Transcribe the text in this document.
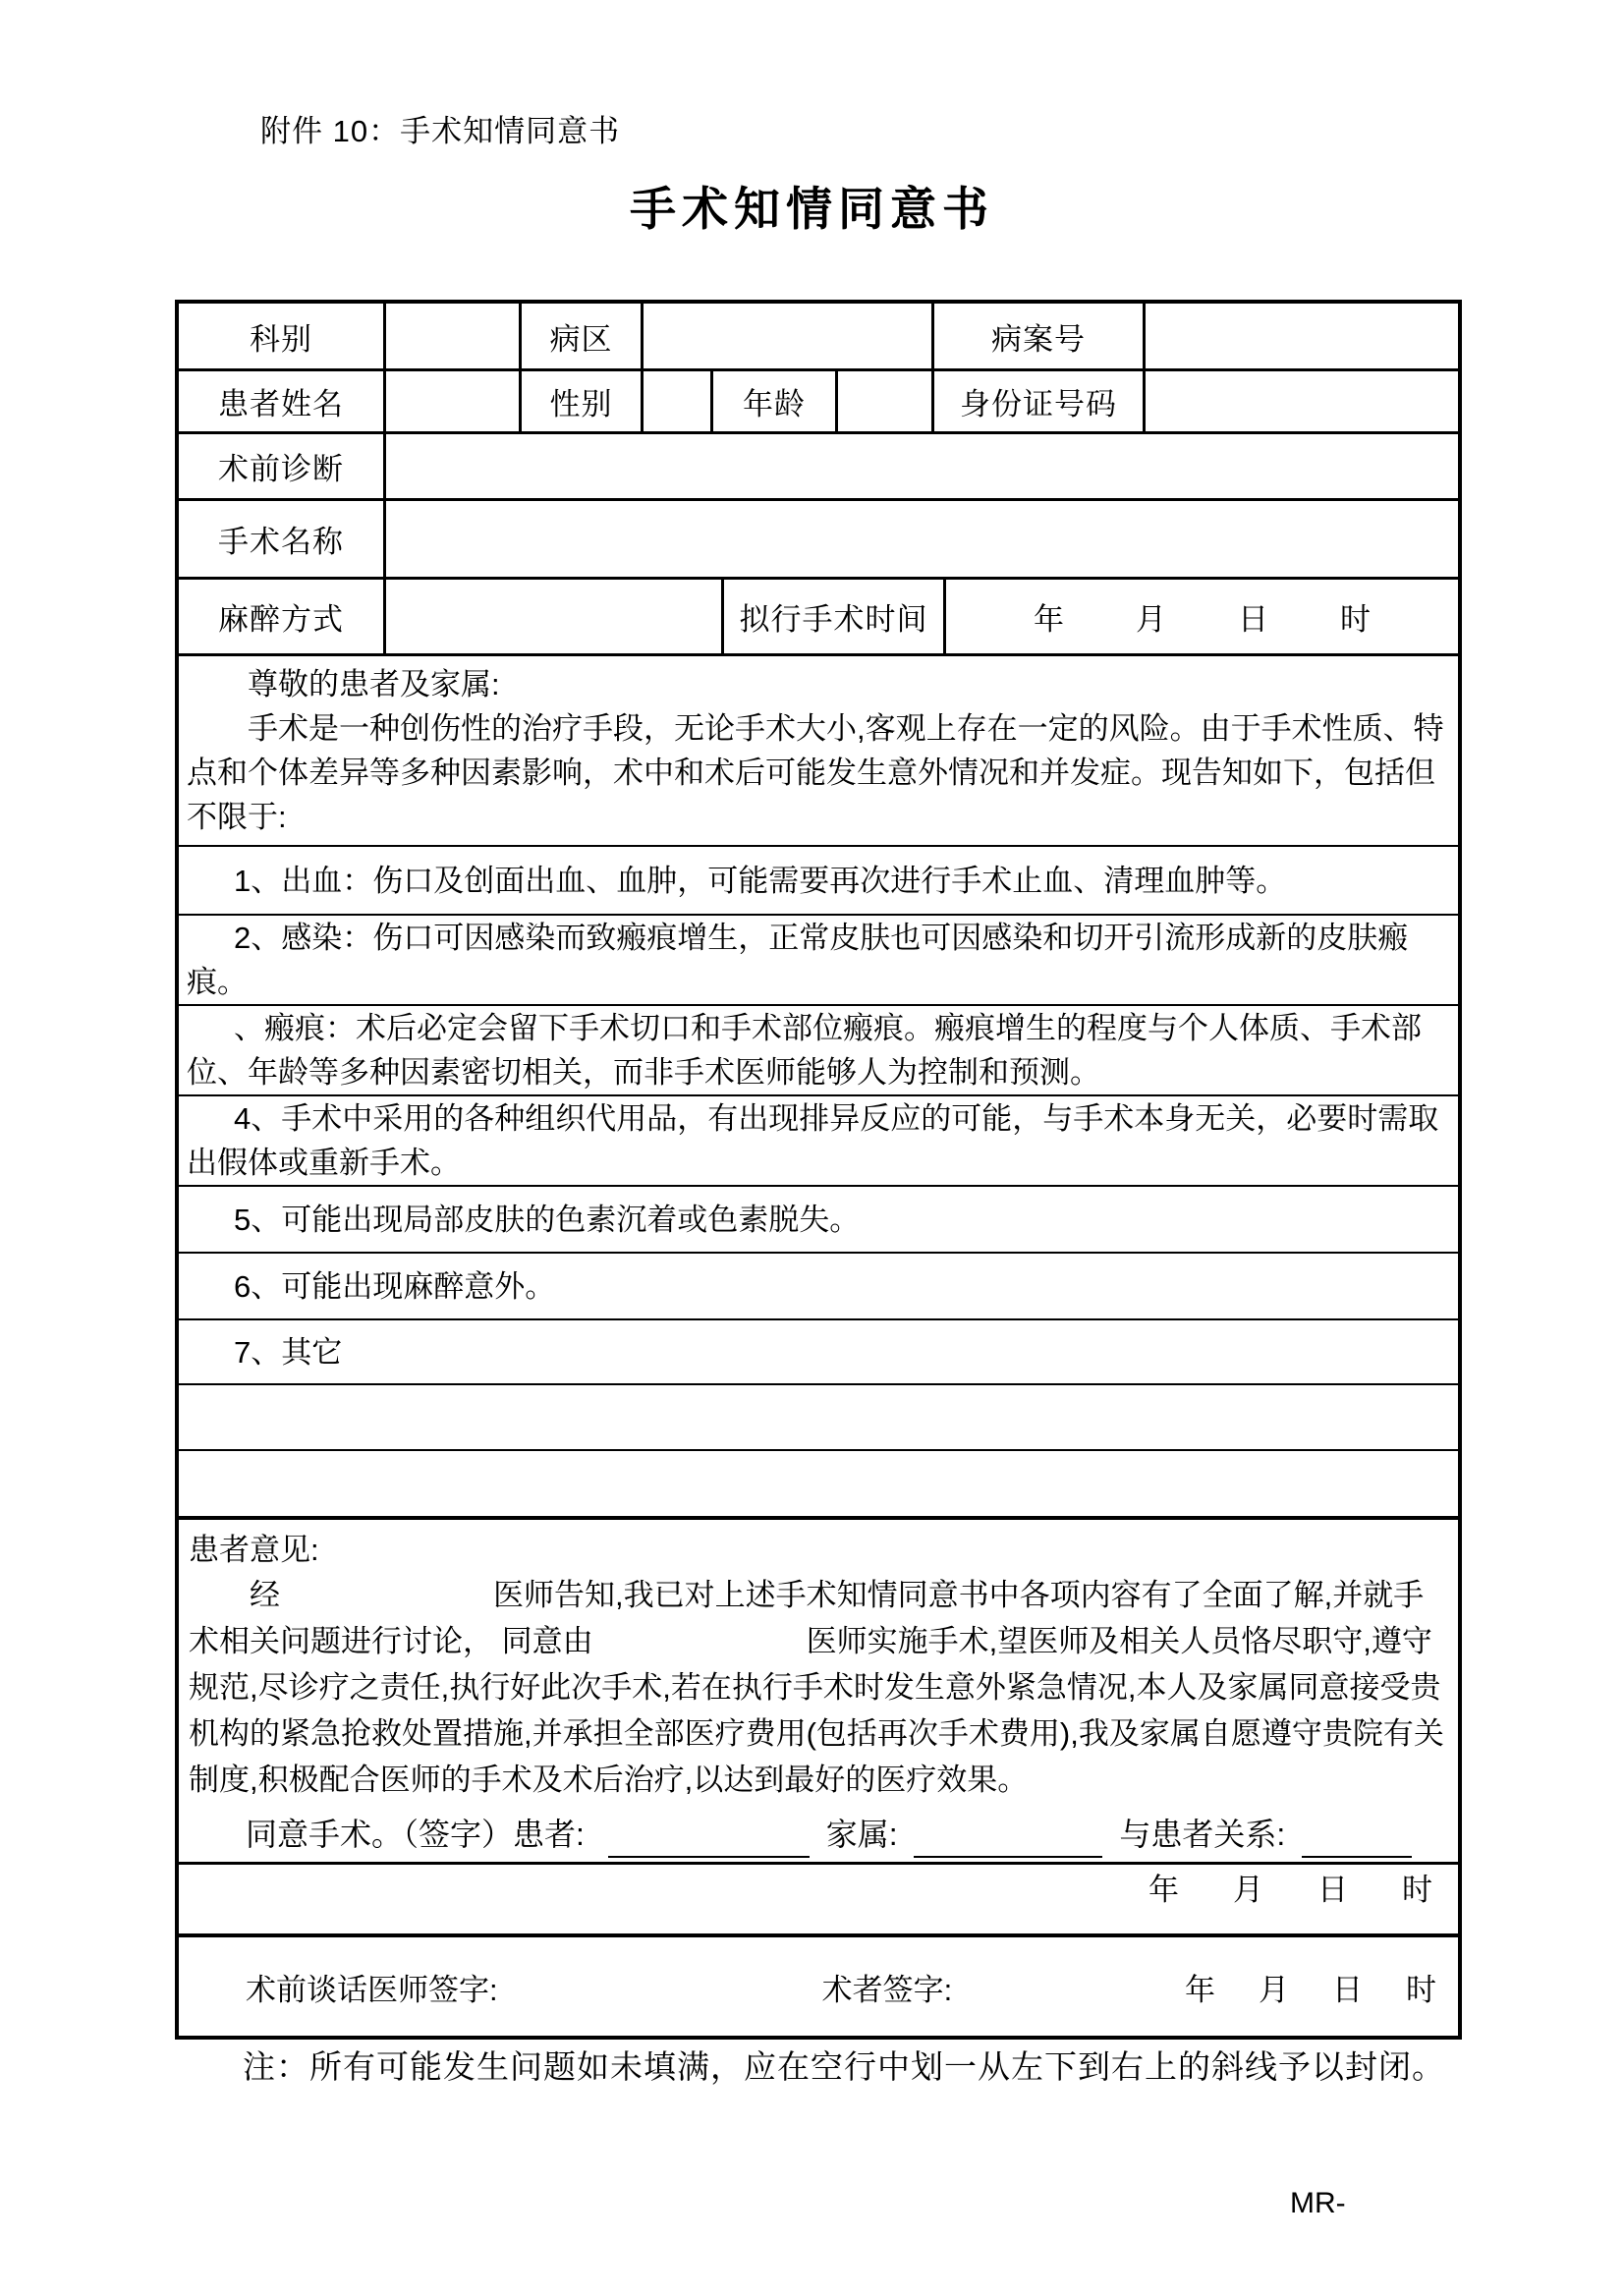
附件 10：手术知情同意书
手术知情同意书
科别	病区	病案号
患者姓名	性别	年龄	身份证号码
术前诊断
手术名称
麻醉方式	拟行手术时间	年 月 日 时
尊敬的患者及家属:
手术是一种创伤性的治疗手段，无论手术大小,客观上存在一定的风险。由于手术性质、特点和个体差异等多种因素影响，术中和术后可能发生意外情况和并发症。现告知如下，包括但不限于:
1、出血：伤口及创面出血、血肿，可能需要再次进行手术止血、清理血肿等。
2、感染：伤口可因感染而致瘢痕增生，正常皮肤也可因感染和切开引流形成新的皮肤瘢痕。
、瘢痕：术后必定会留下手术切口和手术部位瘢痕。瘢痕增生的程度与个人体质、手术部位、年龄等多种因素密切相关，而非手术医师能够人为控制和预测。
4、手术中采用的各种组织代用品，有出现排异反应的可能，与手术本身无关，必要时需取出假体或重新手术。
5、可能出现局部皮肤的色素沉着或色素脱失。
6、可能出现麻醉意外。
7、其它
患者意见:
经　　　　　　　医师告知,我已对上述手术知情同意书中各项内容有了全面了解,并就手术相关问题进行讨论， 同意由　　　　　　　医师实施手术,望医师及相关人员恪尽职守,遵守规范,尽诊疗之责任,执行好此次手术,若在执行手术时发生意外紧急情况,本人及家属同意接受贵机构的紧急抢救处置措施,并承担全部医疗费用(包括再次手术费用),我及家属自愿遵守贵院有关制度,积极配合医师的手术及术后治疗,以达到最好的医疗效果。
同意手术。（签字）患者:	家属:	与患者关系:
年 月 日 时
术前谈话医师签字:	术者签字:	年 月 日 时
注：所有可能发生问题如未填满，应在空行中划一从左下到右上的斜线予以封闭。
MR-
